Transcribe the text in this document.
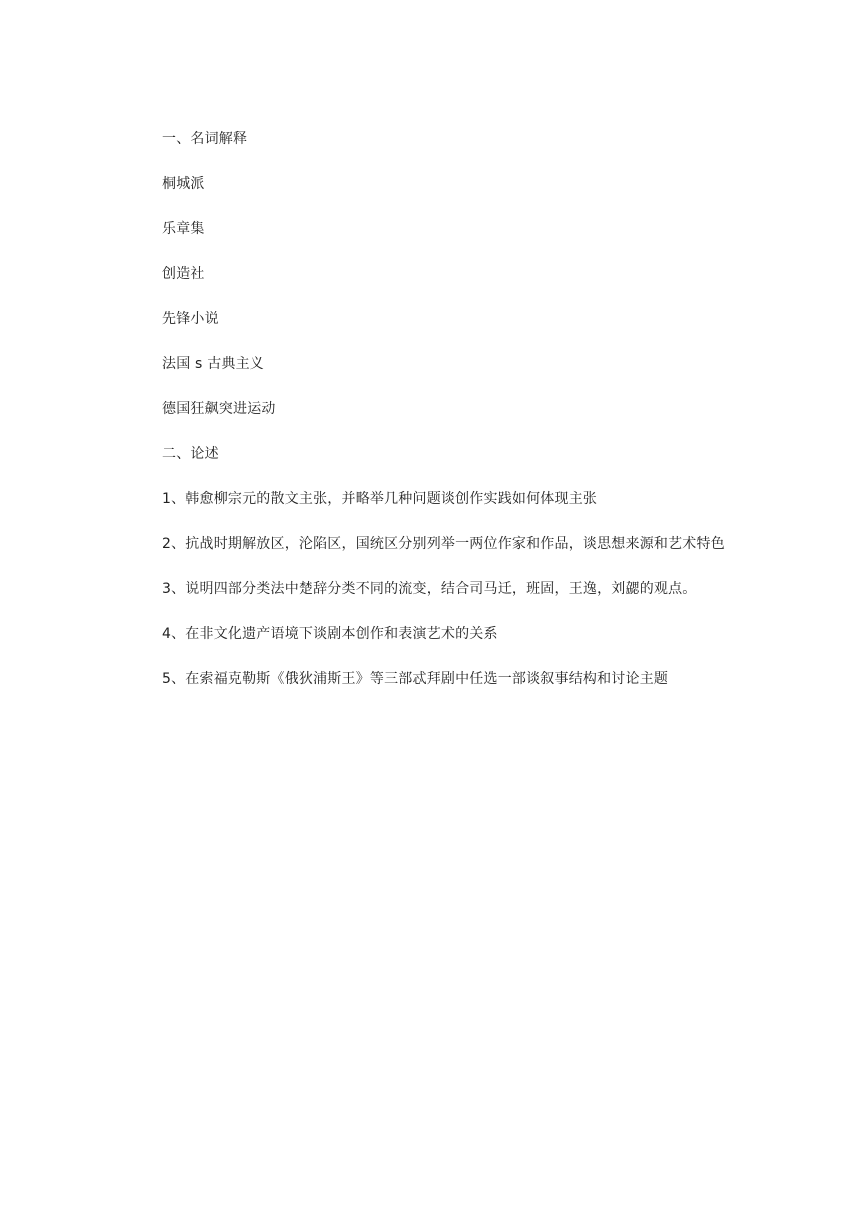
一、名词解释

桐城派

乐章集

创造社

先锋小说

法国 s 古典主义

德国狂飙突进运动

二、论述

1、韩愈柳宗元的散文主张，并略举几种问题谈创作实践如何体现主张

2、抗战时期解放区，沦陷区，国统区分别列举一两位作家和作品，谈思想来源和艺术特色

3、说明四部分类法中楚辞分类不同的流变，结合司马迁，班固，王逸，刘勰的观点。

4、在非文化遗产语境下谈剧本创作和表演艺术的关系

5、在索福克勒斯《俄狄浦斯王》等三部忒拜剧中任选一部谈叙事结构和讨论主题
